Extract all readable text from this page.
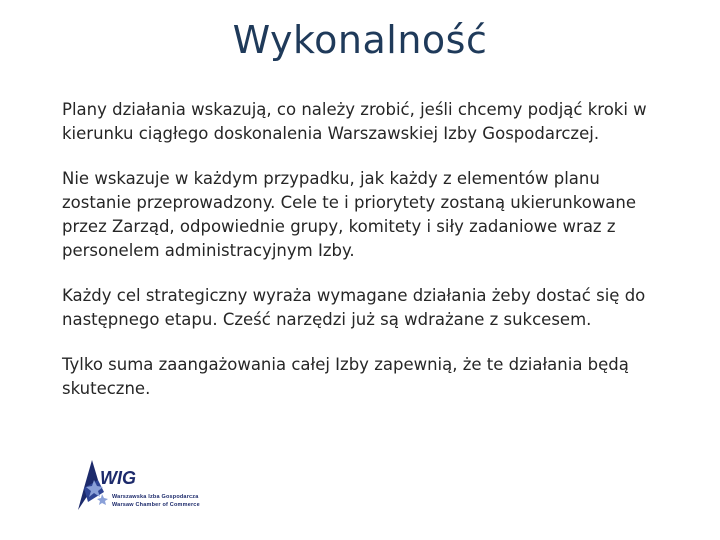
Wykonalność

Plany działania wskazują, co należy zrobić, jeśli chcemy podjąć kroki w kierunku ciągłego doskonalenia Warszawskiej Izby Gospodarczej.

Nie wskazuje w każdym przypadku, jak każdy z elementów planu zostanie przeprowadzony. Cele te i priorytety zostaną ukierunkowane przez Zarząd, odpowiednie grupy, komitety i siły zadaniowe wraz z personelem administracyjnym Izby.

Każdy cel strategiczny wyraża wymagane działania żeby dostać się do następnego etapu. Cześć narzędzi już są wdrażane z sukcesem.

Tylko suma zaangażowania całej Izby zapewnią, że te działania będą skuteczne.

WIG
Warszawska Izba Gospodarcza
Warsaw Chamber of Commerce
